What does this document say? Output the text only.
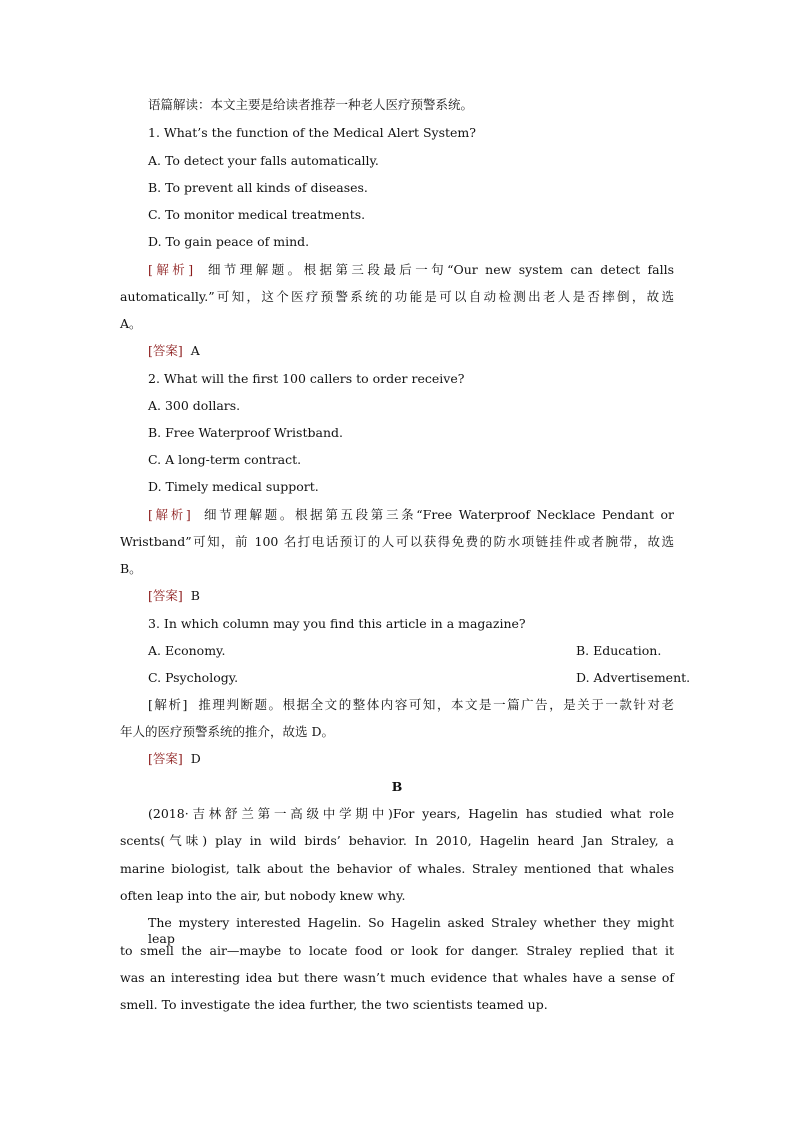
语篇解读：本文主要是给读者推荐一种老人医疗预警系统。
1. What’s the function of the Medical Alert System?
A. To detect your falls automatically.
B. To prevent all kinds of diseases.
C. To monitor medical treatments.
D. To gain peace of mind.
[解析] 细节理解题。根据第三段最后一句“Our new system can detect falls
automatically.”可知，这个医疗预警系统的功能是可以自动检测出老人是否摔倒，故选
A。
[答案] A
2. What will the first 100 callers to order receive?
A. 300 dollars.
B. Free Waterproof Wristband.
C. A long-term contract.
D. Timely medical support.
[解析] 细节理解题。根据第五段第三条“Free Waterproof Necklace Pendant or
Wristband”可知，前 100 名打电话预订的人可以获得免费的防水项链挂件或者腕带，故选
B。
[答案] B
3. In which column may you find this article in a magazine?
A. Economy.	B. Education.
C. Psychology.	D. Advertisement.
[解析] 推理判断题。根据全文的整体内容可知，本文是一篇广告，是关于一款针对老
年人的医疗预警系统的推介，故选 D。
[答案] D
B
(2018·吉林舒兰第一高级中学期中)For years, Hagelin has studied what role
scents(气味) play in wild birds’ behavior. In 2010, Hagelin heard Jan Straley, a
marine biologist, talk about the behavior of whales. Straley mentioned that whales
often leap into the air, but nobody knew why.
The mystery interested Hagelin. So Hagelin asked Straley whether they might leap
to smell the air—maybe to locate food or look for danger. Straley replied that it
was an interesting idea but there wasn’t much evidence that whales have a sense of
smell. To investigate the idea further, the two scientists teamed up.
